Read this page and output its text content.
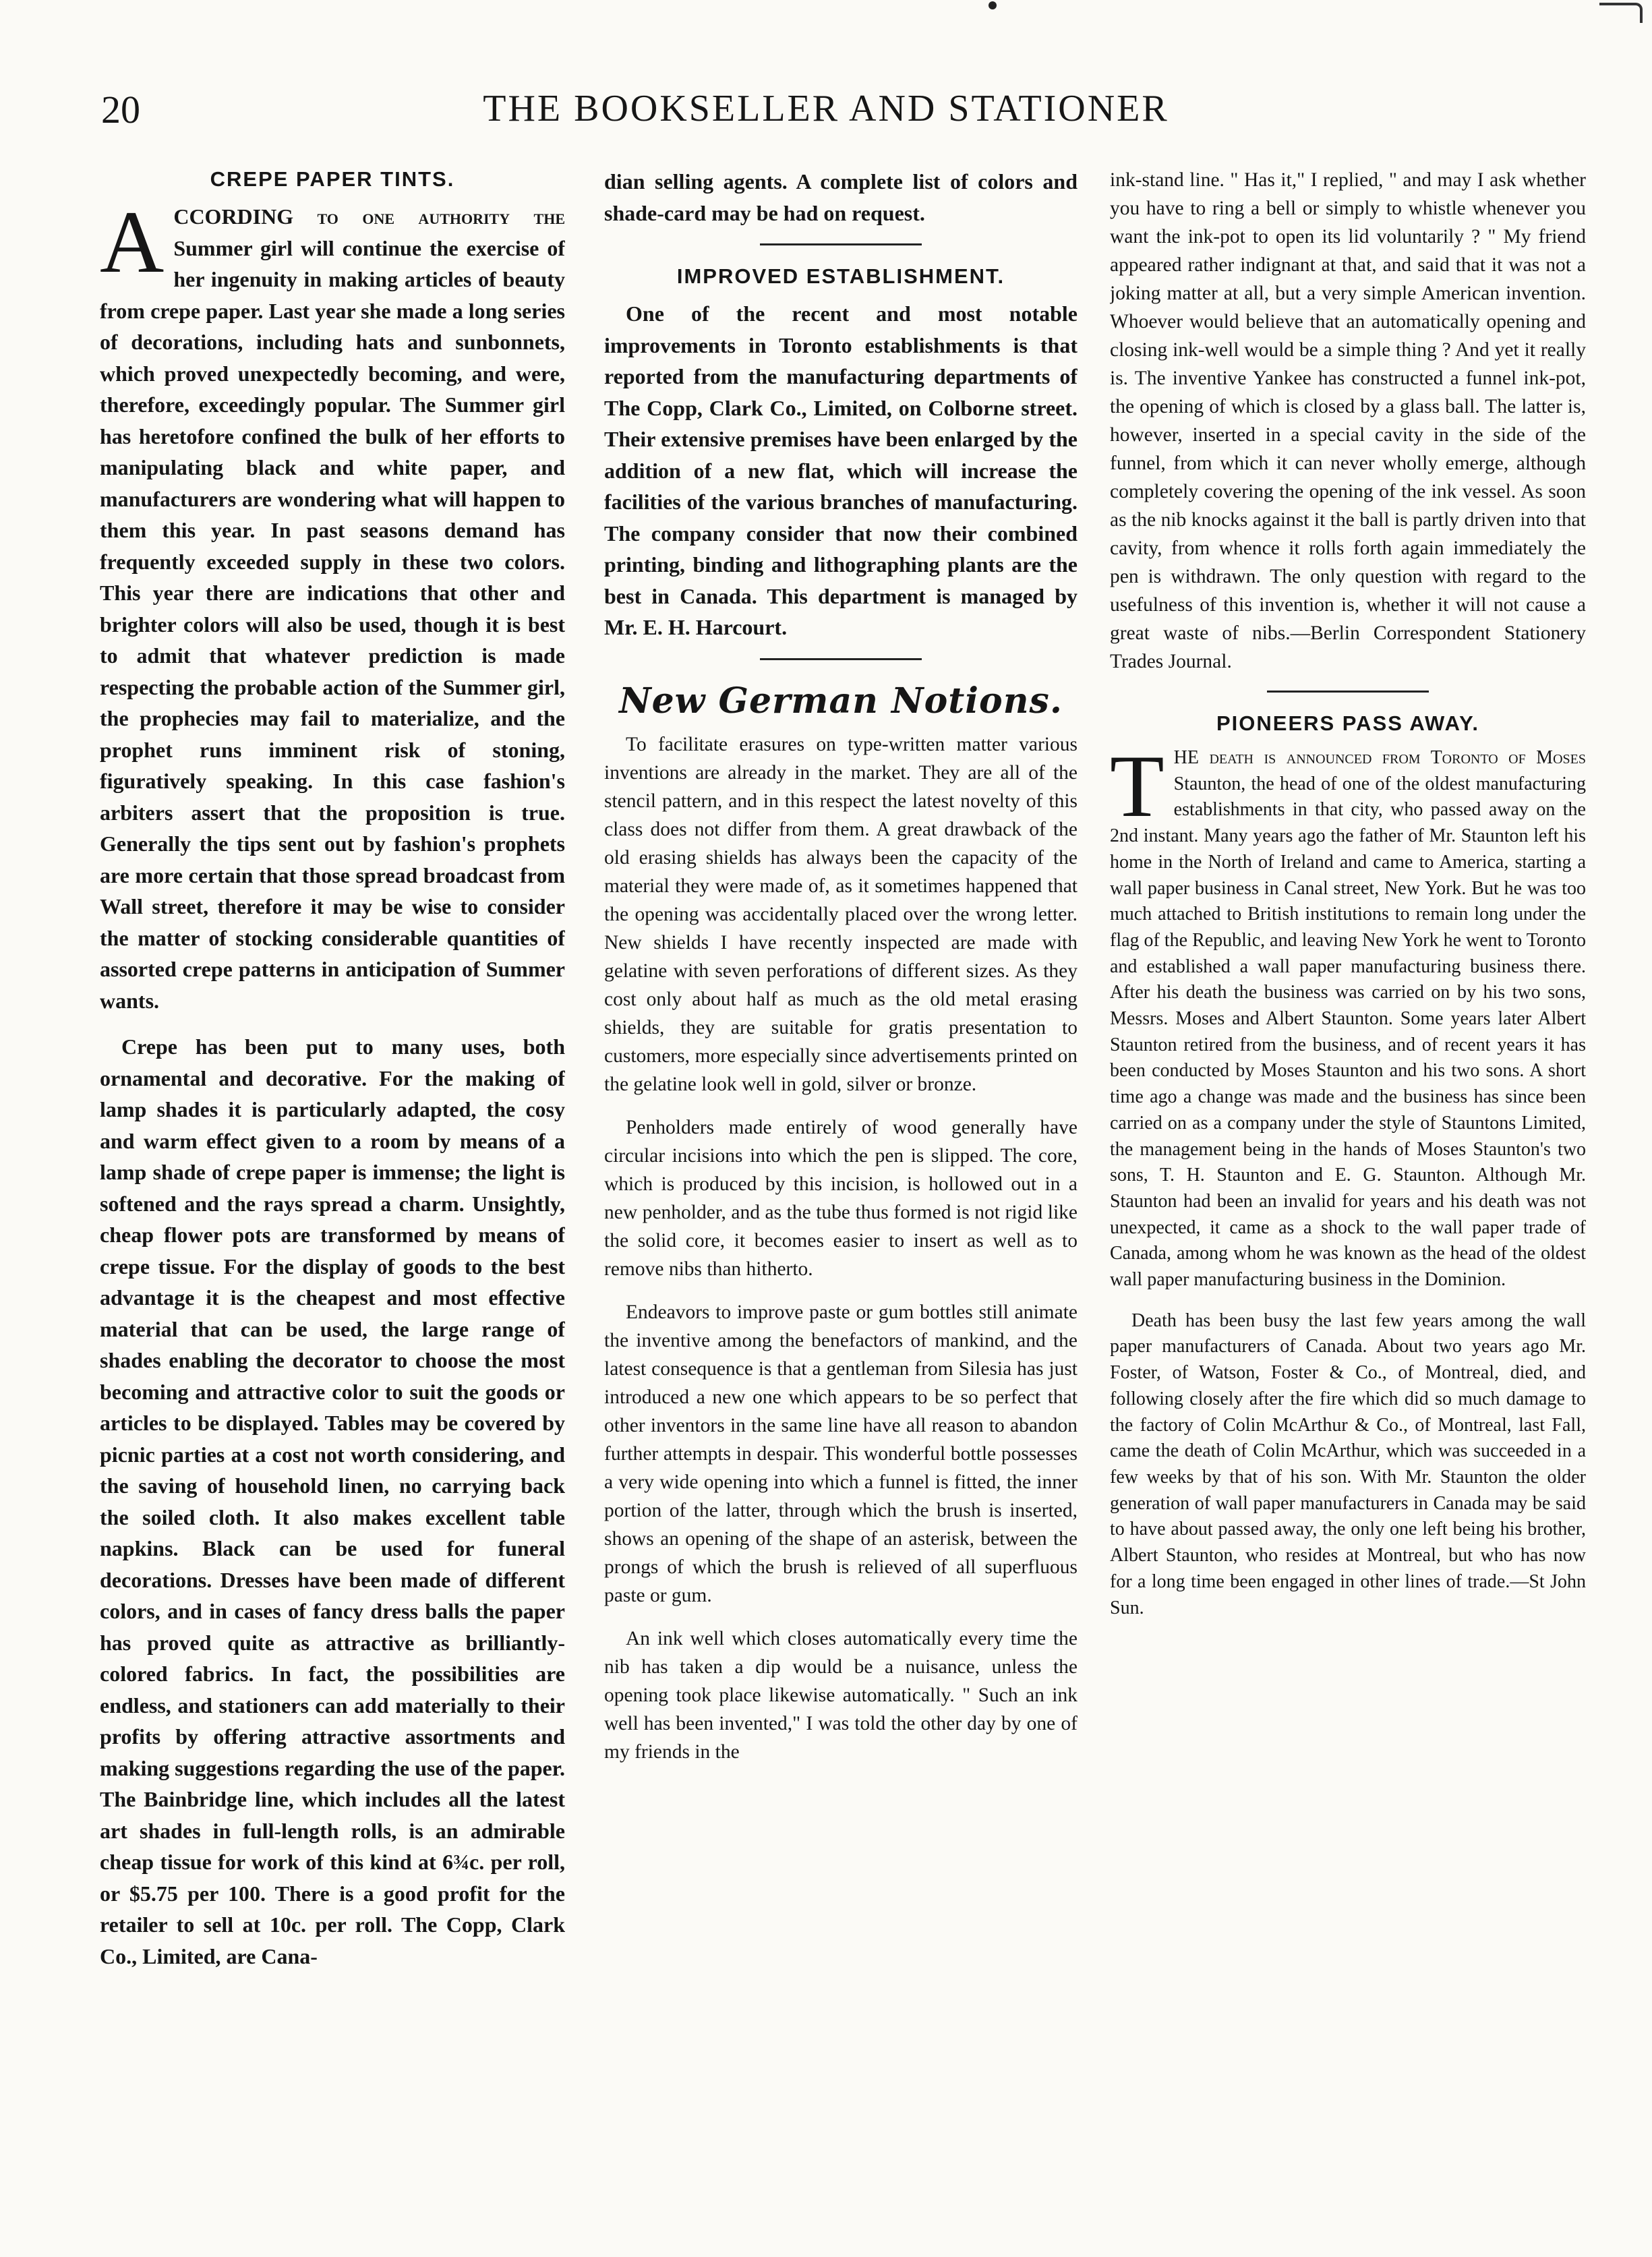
20	THE BOOKSELLER AND STATIONER
CREPE PAPER TINTS.

ACCORDING to one authority the Summer girl will continue the exercise of her ingenuity in making articles of beauty from crepe paper. Last year she made a long series of decorations, including hats and sunbonnets, which proved unexpectedly becoming, and were, therefore, exceedingly popular. The Summer girl has heretofore confined the bulk of her efforts to manipulating black and white paper, and manufacturers are wondering what will happen to them this year. In past seasons demand has frequently exceeded supply in these two colors. This year there are indications that other and brighter colors will also be used, though it is best to admit that whatever prediction is made respecting the probable action of the Summer girl, the prophecies may fail to materialize, and the prophet runs imminent risk of stoning, figuratively speaking. In this case fashion's arbiters assert that the proposition is true. Generally the tips sent out by fashion's prophets are more certain that those spread broadcast from Wall street, therefore it may be wise to consider the matter of stocking considerable quantities of assorted crepe patterns in anticipation of Summer wants.

Crepe has been put to many uses, both ornamental and decorative. For the making of lamp shades it is particularly adapted, the cosy and warm effect given to a room by means of a lamp shade of crepe paper is immense; the light is softened and the rays spread a charm. Unsightly, cheap flower pots are transformed by means of crepe tissue. For the display of goods to the best advantage it is the cheapest and most effective material that can be used, the large range of shades enabling the decorator to choose the most becoming and attractive color to suit the goods or articles to be displayed. Tables may be covered by picnic parties at a cost not worth considering, and the saving of household linen, no carrying back the soiled cloth. It also makes excellent table napkins. Black can be used for funeral decorations. Dresses have been made of different colors, and in cases of fancy dress balls the paper has proved quite as attractive as brilliantly-colored fabrics. In fact, the possibilities are endless, and stationers can add materially to their profits by offering attractive assortments and making suggestions regarding the use of the paper. The Bainbridge line, which includes all the latest art shades in full-length rolls, is an admirable cheap tissue for work of this kind at 6¾c. per roll, or $5.75 per 100. There is a good profit for the retailer to sell at 10c. per roll. The Copp, Clark Co., Limited, are Cana-

dian selling agents. A complete list of colors and shade-card may be had on request.

IMPROVED ESTABLISHMENT.

One of the recent and most notable improvements in Toronto establishments is that reported from the manufacturing departments of The Copp, Clark Co., Limited, on Colborne street. Their extensive premises have been enlarged by the addition of a new flat, which will increase the facilities of the various branches of manufacturing. The company consider that now their combined printing, binding and lithographing plants are the best in Canada. This department is managed by Mr. E. H. Harcourt.

New German Notions.

To facilitate erasures on type-written matter various inventions are already in the market. They are all of the stencil pattern, and in this respect the latest novelty of this class does not differ from them. A great drawback of the old erasing shields has always been the capacity of the material they were made of, as it sometimes happened that the opening was accidentally placed over the wrong letter. New shields I have recently inspected are made with gelatine with seven perforations of different sizes. As they cost only about half as much as the old metal erasing shields, they are suitable for gratis presentation to customers, more especially since advertisements printed on the gelatine look well in gold, silver or bronze.

Penholders made entirely of wood generally have circular incisions into which the pen is slipped. The core, which is produced by this incision, is hollowed out in a new penholder, and as the tube thus formed is not rigid like the solid core, it becomes easier to insert as well as to remove nibs than hitherto.

Endeavors to improve paste or gum bottles still animate the inventive among the benefactors of mankind, and the latest consequence is that a gentleman from Silesia has just introduced a new one which appears to be so perfect that other inventors in the same line have all reason to abandon further attempts in despair. This wonderful bottle possesses a very wide opening into which a funnel is fitted, the inner portion of the latter, through which the brush is inserted, shows an opening of the shape of an asterisk, between the prongs of which the brush is relieved of all superfluous paste or gum.

An ink well which closes automatically every time the nib has taken a dip would be a nuisance, unless the opening took place likewise automatically. " Such an ink well has been invented," I was told the other day by one of my friends in the

ink-stand line. " Has it," I replied, " and may I ask whether you have to ring a bell or simply to whistle whenever you want the ink-pot to open its lid voluntarily ? " My friend appeared rather indignant at that, and said that it was not a joking matter at all, but a very simple American invention. Whoever would believe that an automatically opening and closing ink-well would be a simple thing ? And yet it really is. The inventive Yankee has constructed a funnel ink-pot, the opening of which is closed by a glass ball. The latter is, however, inserted in a special cavity in the side of the funnel, from which it can never wholly emerge, although completely covering the opening of the ink vessel. As soon as the nib knocks against it the ball is partly driven into that cavity, from whence it rolls forth again immediately the pen is withdrawn. The only question with regard to the usefulness of this invention is, whether it will not cause a great waste of nibs.—Berlin Correspondent Stationery Trades Journal.

PIONEERS PASS AWAY.

THE death is announced from Toronto of Moses Staunton, the head of one of the oldest manufacturing establishments in that city, who passed away on the 2nd instant. Many years ago the father of Mr. Staunton left his home in the North of Ireland and came to America, starting a wall paper business in Canal street, New York. But he was too much attached to British institutions to remain long under the flag of the Republic, and leaving New York he went to Toronto and established a wall paper manufacturing business there. After his death the business was carried on by his two sons, Messrs. Moses and Albert Staunton. Some years later Albert Staunton retired from the business, and of recent years it has been conducted by Moses Staunton and his two sons. A short time ago a change was made and the business has since been carried on as a company under the style of Stauntons Limited, the management being in the hands of Moses Staunton's two sons, T. H. Staunton and E. G. Staunton. Although Mr. Staunton had been an invalid for years and his death was not unexpected, it came as a shock to the wall paper trade of Canada, among whom he was known as the head of the oldest wall paper manufacturing business in the Dominion.

Death has been busy the last few years among the wall paper manufacturers of Canada. About two years ago Mr. Foster, of Watson, Foster & Co., of Montreal, died, and following closely after the fire which did so much damage to the factory of Colin McArthur & Co., of Montreal, last Fall, came the death of Colin McArthur, which was succeeded in a few weeks by that of his son. With Mr. Staunton the older generation of wall paper manufacturers in Canada may be said to have about passed away, the only one left being his brother, Albert Staunton, who resides at Montreal, but who has now for a long time been engaged in other lines of trade.—St John Sun.
